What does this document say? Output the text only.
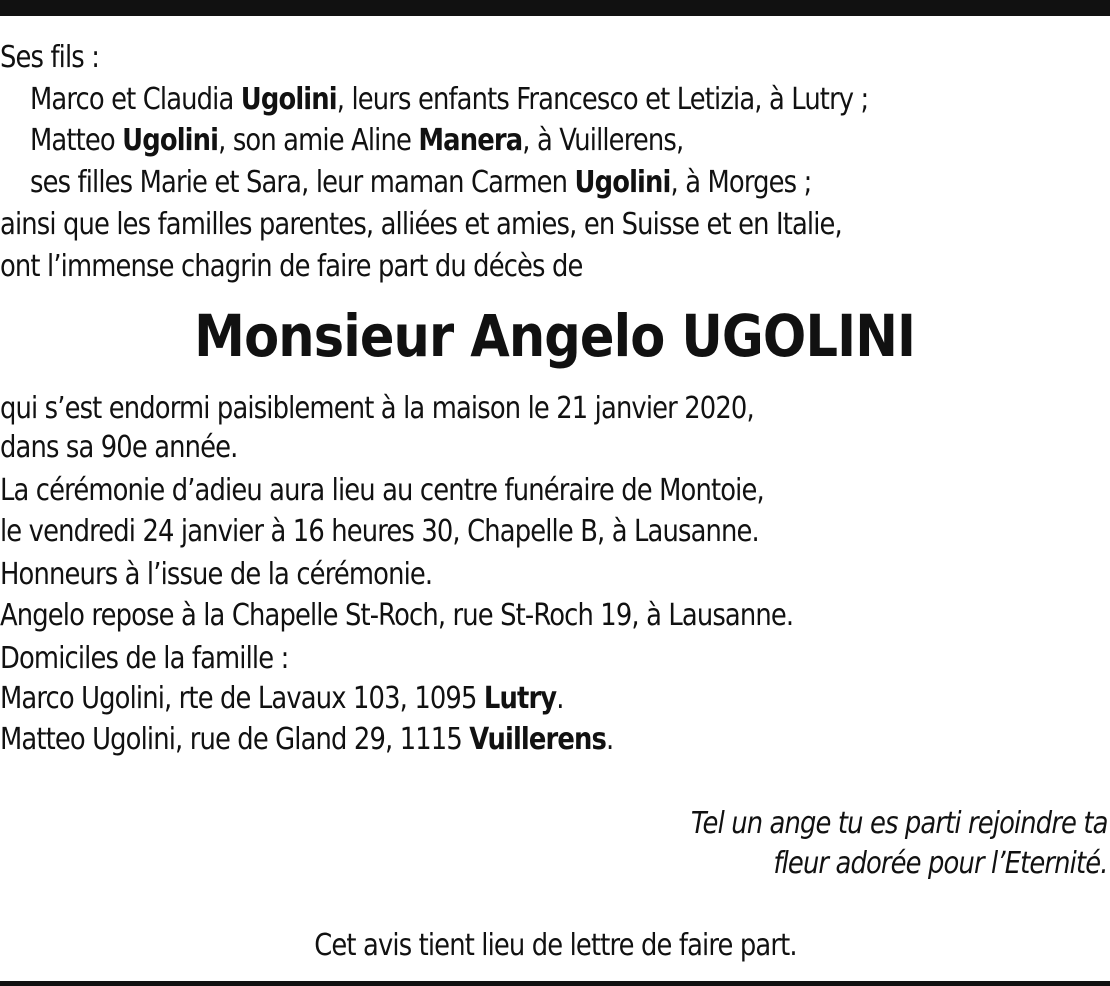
Ses fils :
Marco et Claudia Ugolini, leurs enfants Francesco et Letizia, à Lutry ;
Matteo Ugolini, son amie Aline Manera, à Vuillerens,
ses filles Marie et Sara, leur maman Carmen Ugolini, à Morges ;
ainsi que les familles parentes, alliées et amies, en Suisse et en Italie,
ont l’immense chagrin de faire part du décès de
Monsieur Angelo UGOLINI
qui s’est endormi paisiblement à la maison le 21 janvier 2020,
dans sa 90e année.
La cérémonie d’adieu aura lieu au centre funéraire de Montoie,
le vendredi 24 janvier à 16 heures 30, Chapelle B, à Lausanne.
Honneurs à l’issue de la cérémonie.
Angelo repose à la Chapelle St-Roch, rue St-Roch 19, à Lausanne.
Domiciles de la famille :
Marco Ugolini, rte de Lavaux 103, 1095 Lutry.
Matteo Ugolini, rue de Gland 29, 1115 Vuillerens.
Tel un ange tu es parti rejoindre ta
fleur adorée pour l’Eternité.
Cet avis tient lieu de lettre de faire part.
